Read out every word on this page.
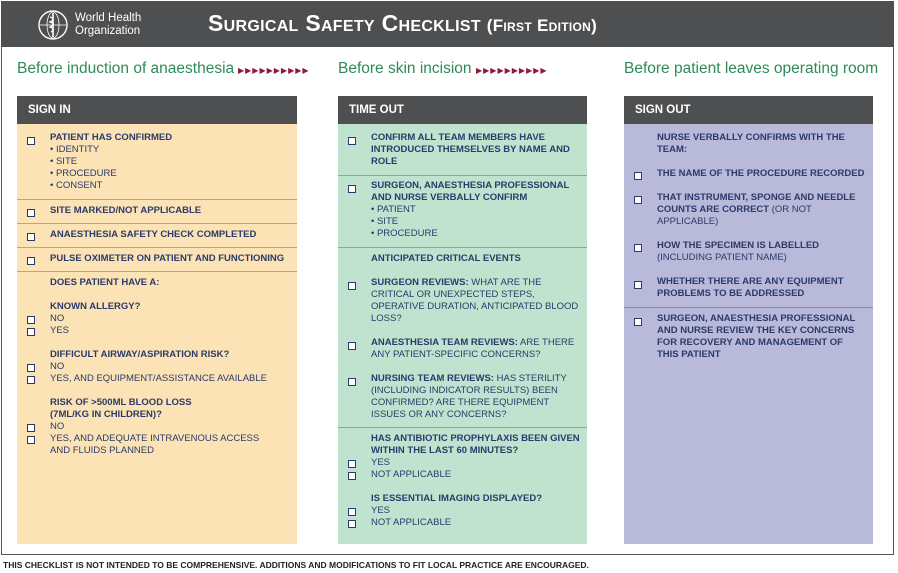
World Health
Organization	Surgical Safety Checklist (First Edition)
Before induction of anaesthesia ▶▶▶▶▶▶▶▶▶▶ Before skin incision ▶▶▶▶▶▶▶▶▶▶	Before patient leaves operating room
SIGN IN
PATIENT HAS CONFIRMED
• IDENTITY
• SITE
• PROCEDURE
• CONSENT
SITE MARKED/NOT APPLICABLE
ANAESTHESIA SAFETY CHECK COMPLETED
PULSE OXIMETER ON PATIENT AND FUNCTIONING
DOES PATIENT HAVE A:
KNOWN ALLERGY?
NO
YES
DIFFICULT AIRWAY/ASPIRATION RISK?
NO
YES, AND EQUIPMENT/ASSISTANCE AVAILABLE
RISK OF >500ML BLOOD LOSS
(7ML/KG IN CHILDREN)?
NO
YES, AND ADEQUATE INTRAVENOUS ACCESS
AND FLUIDS PLANNED
TIME OUT
CONFIRM ALL TEAM MEMBERS HAVE INTRODUCED THEMSELVES BY NAME AND ROLE
SURGEON, ANAESTHESIA PROFESSIONAL AND NURSE VERBALLY CONFIRM
• PATIENT
• SITE
• PROCEDURE
ANTICIPATED CRITICAL EVENTS
SURGEON REVIEWS: WHAT ARE THE CRITICAL OR UNEXPECTED STEPS, OPERATIVE DURATION, ANTICIPATED BLOOD LOSS?
ANAESTHESIA TEAM REVIEWS: ARE THERE ANY PATIENT-SPECIFIC CONCERNS?
NURSING TEAM REVIEWS: HAS STERILITY (INCLUDING INDICATOR RESULTS) BEEN CONFIRMED? ARE THERE EQUIPMENT ISSUES OR ANY CONCERNS?
HAS ANTIBIOTIC PROPHYLAXIS BEEN GIVEN WITHIN THE LAST 60 MINUTES?
YES
NOT APPLICABLE
IS ESSENTIAL IMAGING DISPLAYED?
YES
NOT APPLICABLE
SIGN OUT
NURSE VERBALLY CONFIRMS WITH THE TEAM:
THE NAME OF THE PROCEDURE RECORDED
THAT INSTRUMENT, SPONGE AND NEEDLE COUNTS ARE CORRECT (OR NOT APPLICABLE)
HOW THE SPECIMEN IS LABELLED
(INCLUDING PATIENT NAME)
WHETHER THERE ARE ANY EQUIPMENT PROBLEMS TO BE ADDRESSED
SURGEON, ANAESTHESIA PROFESSIONAL AND NURSE REVIEW THE KEY CONCERNS FOR RECOVERY AND MANAGEMENT OF THIS PATIENT
THIS CHECKLIST IS NOT INTENDED TO BE COMPREHENSIVE. ADDITIONS AND MODIFICATIONS TO FIT LOCAL PRACTICE ARE ENCOURAGED.
